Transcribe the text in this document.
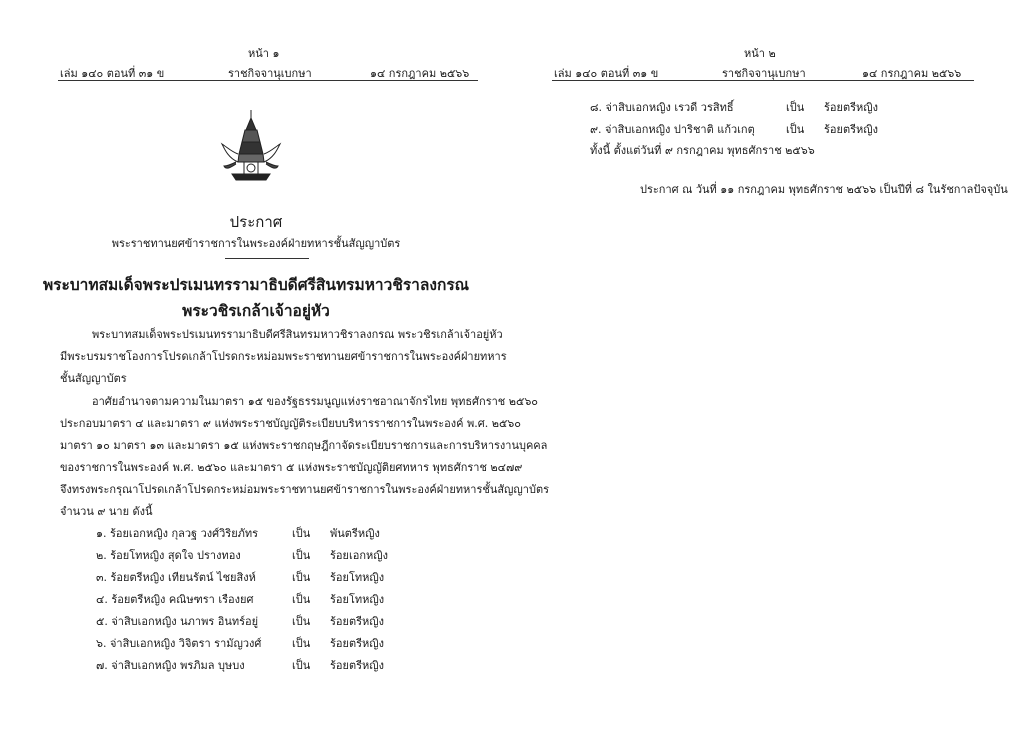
หน้า ๑
เล่ม ๑๔๐ ตอนที่ ๓๑ ข	ราชกิจจานุเบกษา	๑๔ กรกฎาคม ๒๕๖๖
ประกาศ
พระราชทานยศข้าราชการในพระองค์ฝ่ายทหารชั้นสัญญาบัตร
พระบาทสมเด็จพระปรเมนทรรามาธิบดีศรีสินทรมหาวชิราลงกรณ
พระวชิรเกล้าเจ้าอยู่หัว
พระบาทสมเด็จพระปรเมนทรรามาธิบดีศรีสินทรมหาวชิราลงกรณ พระวชิรเกล้าเจ้าอยู่หัว
มีพระบรมราชโองการโปรดเกล้าโปรดกระหม่อมพระราชทานยศข้าราชการในพระองค์ฝ่ายทหาร
ชั้นสัญญาบัตร
อาศัยอำนาจตามความในมาตรา ๑๕ ของรัฐธรรมนูญแห่งราชอาณาจักรไทย พุทธศักราช ๒๕๖๐
ประกอบมาตรา ๔ และมาตรา ๙ แห่งพระราชบัญญัติระเบียบบริหารราชการในพระองค์ พ.ศ. ๒๕๖๐
มาตรา ๑๐ มาตรา ๑๓ และมาตรา ๑๕ แห่งพระราชกฤษฎีกาจัดระเบียบราชการและการบริหารงานบุคคล
ของราชการในพระองค์ พ.ศ. ๒๕๖๐ และมาตรา ๕ แห่งพระราชบัญญัติยศทหาร พุทธศักราช ๒๔๗๙
จึงทรงพระกรุณาโปรดเกล้าโปรดกระหม่อมพระราชทานยศข้าราชการในพระองค์ฝ่ายทหารชั้นสัญญาบัตร
จำนวน ๙ นาย ดังนี้
๑. ร้อยเอกหญิง กุลวฐ วงศ์วิริยภัทร	เป็น พันตรีหญิง
๒. ร้อยโทหญิง สุดใจ ปรางทอง	เป็น ร้อยเอกหญิง
๓. ร้อยตรีหญิง เทียนรัตน์ ไชยสิงห์	เป็น ร้อยโทหญิง
๔. ร้อยตรีหญิง คณิษฑรา เรืองยศ	เป็น ร้อยโทหญิง
๕. จ่าสิบเอกหญิง นภาพร อินทร์อยู่	เป็น ร้อยตรีหญิง
๖. จ่าสิบเอกหญิง วิจิตรา รามัญวงศ์	เป็น ร้อยตรีหญิง
๗. จ่าสิบเอกหญิง พรภิมล บุษบง	เป็น ร้อยตรีหญิง
หน้า ๒
เล่ม ๑๔๐ ตอนที่ ๓๑ ข	ราชกิจจานุเบกษา	๑๔ กรกฎาคม ๒๕๖๖
๘. จ่าสิบเอกหญิง เรวดี วรสิทธิ์	เป็น ร้อยตรีหญิง
๙. จ่าสิบเอกหญิง ปาริชาติ แก้วเกตุ	เป็น ร้อยตรีหญิง
ทั้งนี้ ตั้งแต่วันที่ ๙ กรกฎาคม พุทธศักราช ๒๕๖๖
ประกาศ ณ วันที่ ๑๑ กรกฎาคม พุทธศักราช ๒๕๖๖ เป็นปีที่ ๘ ในรัชกาลปัจจุบัน
